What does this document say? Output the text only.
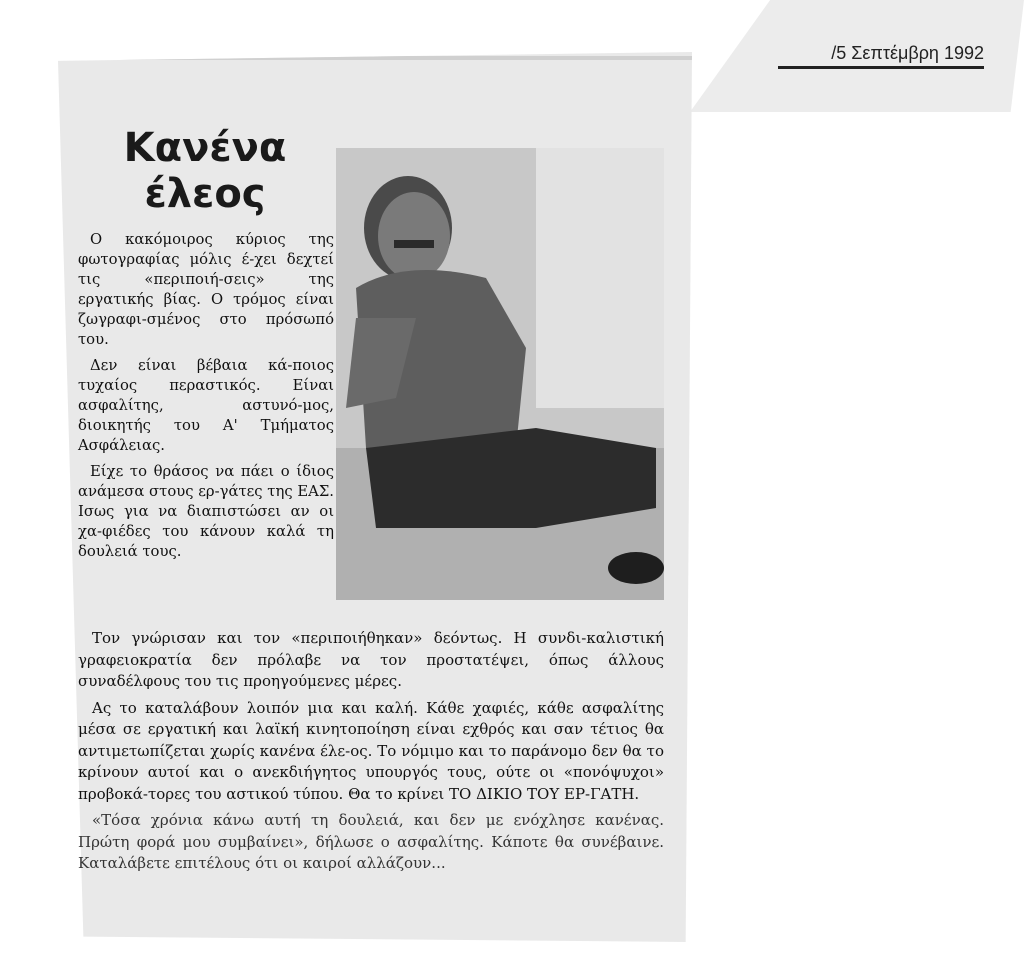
/5 Σεπτέμβρη 1992
Κανένα έλεος

Ο κακόμοιρος κύριος της φωτογραφίας μόλις έ-χει δεχτεί τις «περιποιή-σεις» της εργατικής βίας. Ο τρόμος είναι ζωγραφι-σμένος στο πρόσωπό του.

Δεν είναι βέβαια κά-ποιος τυχαίος περαστικός. Είναι ασφαλίτης, αστυνό-μος, διοικητής του Α' Τμήματος Ασφάλειας.

Είχε το θράσος να πάει ο ίδιος ανάμεσα στους ερ-γάτες της ΕΑΣ. Ισως για να διαπιστώσει αν οι χα-φιέδες του κάνουν καλά τη δουλειά τους.

Τον γνώρισαν και τον «περιποιήθηκαν» δεόντως. Η συνδι-καλιστική γραφειοκρατία δεν πρόλαβε να τον προστατέψει, όπως άλλους συναδέλφους του τις προηγούμενες μέρες.

Ας το καταλάβουν λοιπόν μια και καλή. Κάθε χαφιές, κάθε ασφαλίτης μέσα σε εργατική και λαϊκή κινητοποίηση είναι εχθρός και σαν τέτιος θα αντιμετωπίζεται χωρίς κανένα έλε-ος. Το νόμιμο και το παράνομο δεν θα το κρίνουν αυτοί και ο ανεκδιήγητος υπουργός τους, ούτε οι «πονόψυχοι» προβοκά-τορες του αστικού τύπου. Θα το κρίνει ΤΟ ΔΙΚΙΟ ΤΟΥ ΕΡ-ΓΑΤΗ.

«Τόσα χρόνια κάνω αυτή τη δουλειά, και δεν με ενόχλησε κανένας. Πρώτη φορά μου συμβαίνει», δήλωσε ο ασφαλίτης. Κάποτε θα συνέβαινε. Καταλάβετε επιτέλους ότι οι καιροί αλλάζουν...
